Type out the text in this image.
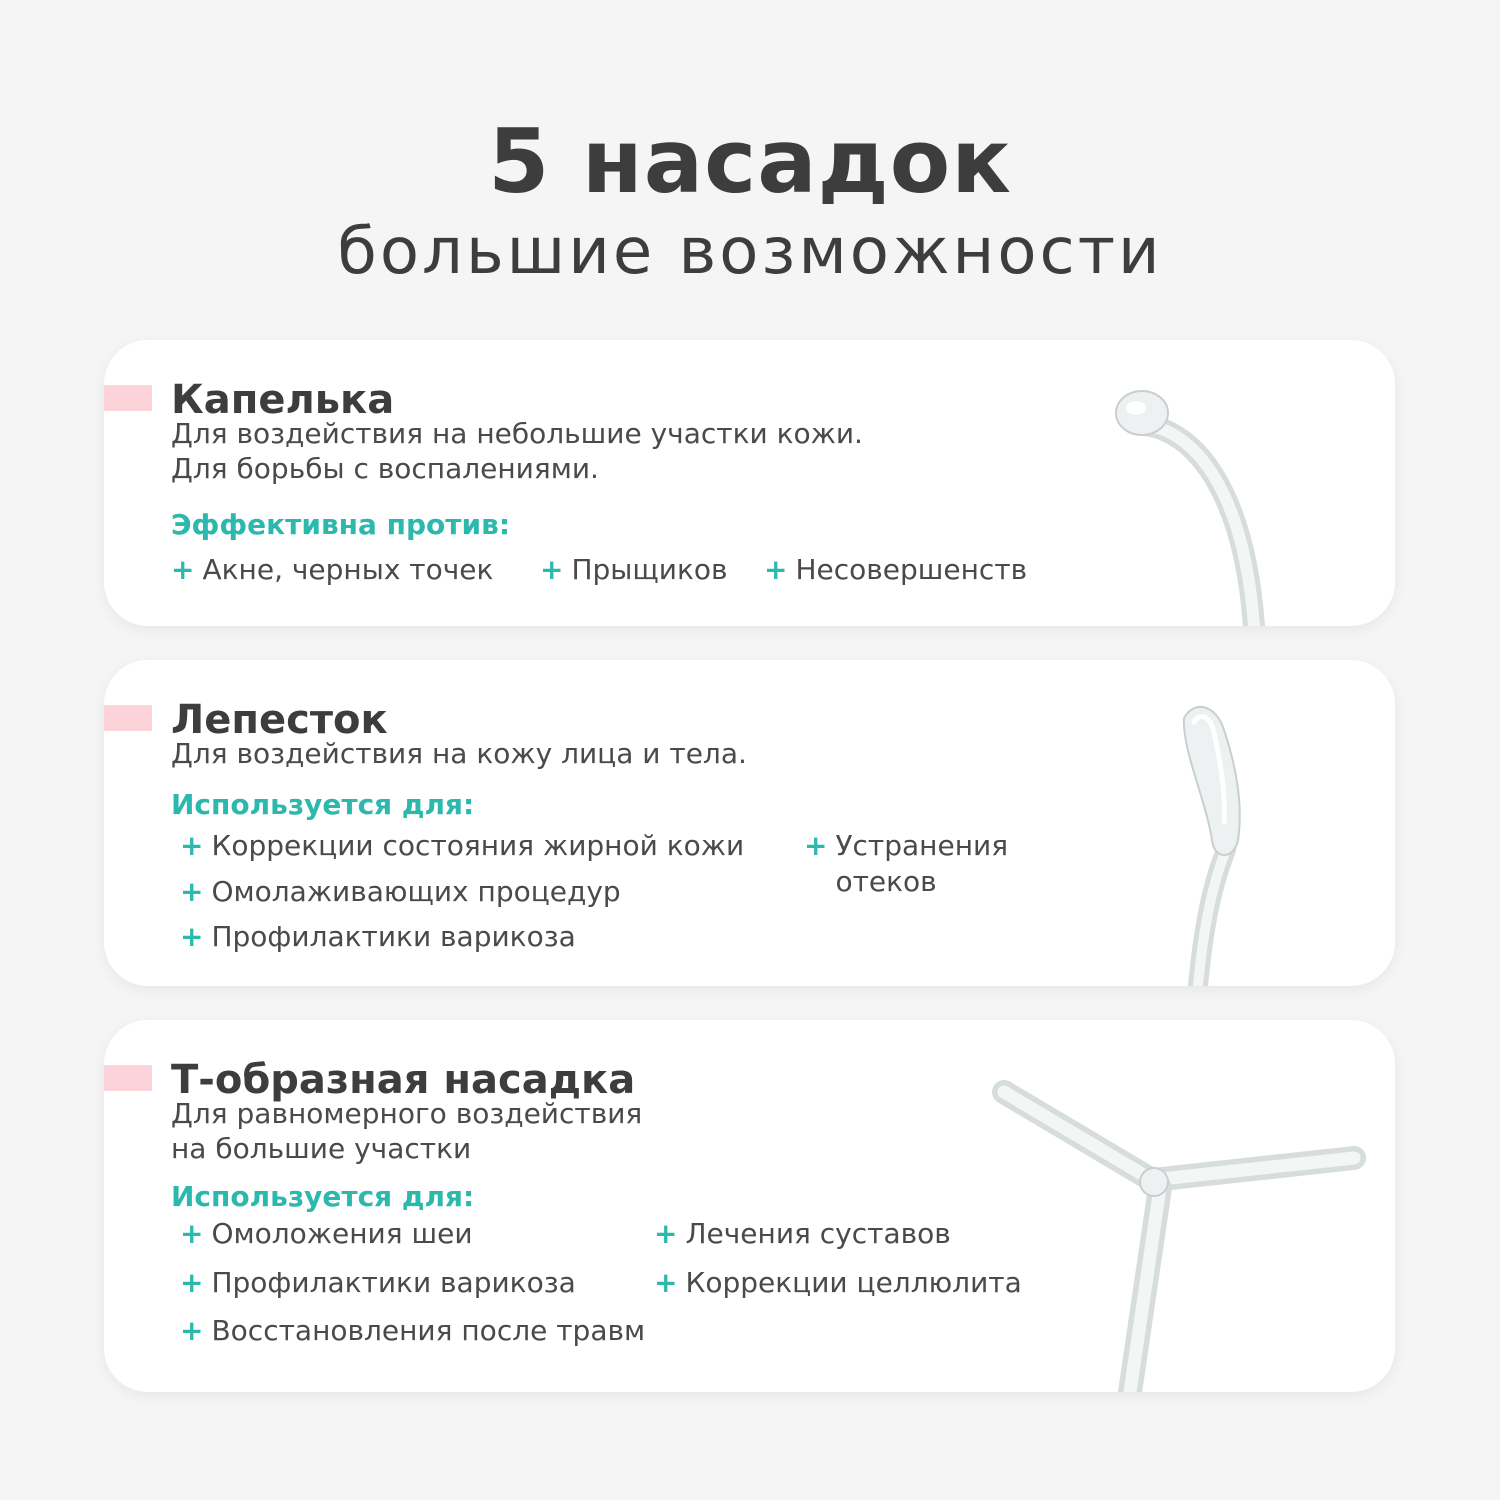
5 насадок
большие возможности
Капелька
Для воздействия на небольшие участки кожи.
Для борьбы с воспалениями.
Эффективна против:
+ Акне, черных точек + Прыщиков + Несовершенств
Лепесток
Для воздействия на кожу лица и тела.
Используется для:
+ Коррекции состояния жирной кожи
+ Омолаживающих процедур
+ Профилактики варикоза
+ Устранения отеков
Т-образная насадка
Для равномерного воздействия
на большие участки
Используется для:
+ Омоложения шеи
+ Профилактики варикоза
+ Восстановления после травм
+ Лечения суставов
+ Коррекции целлюлита
